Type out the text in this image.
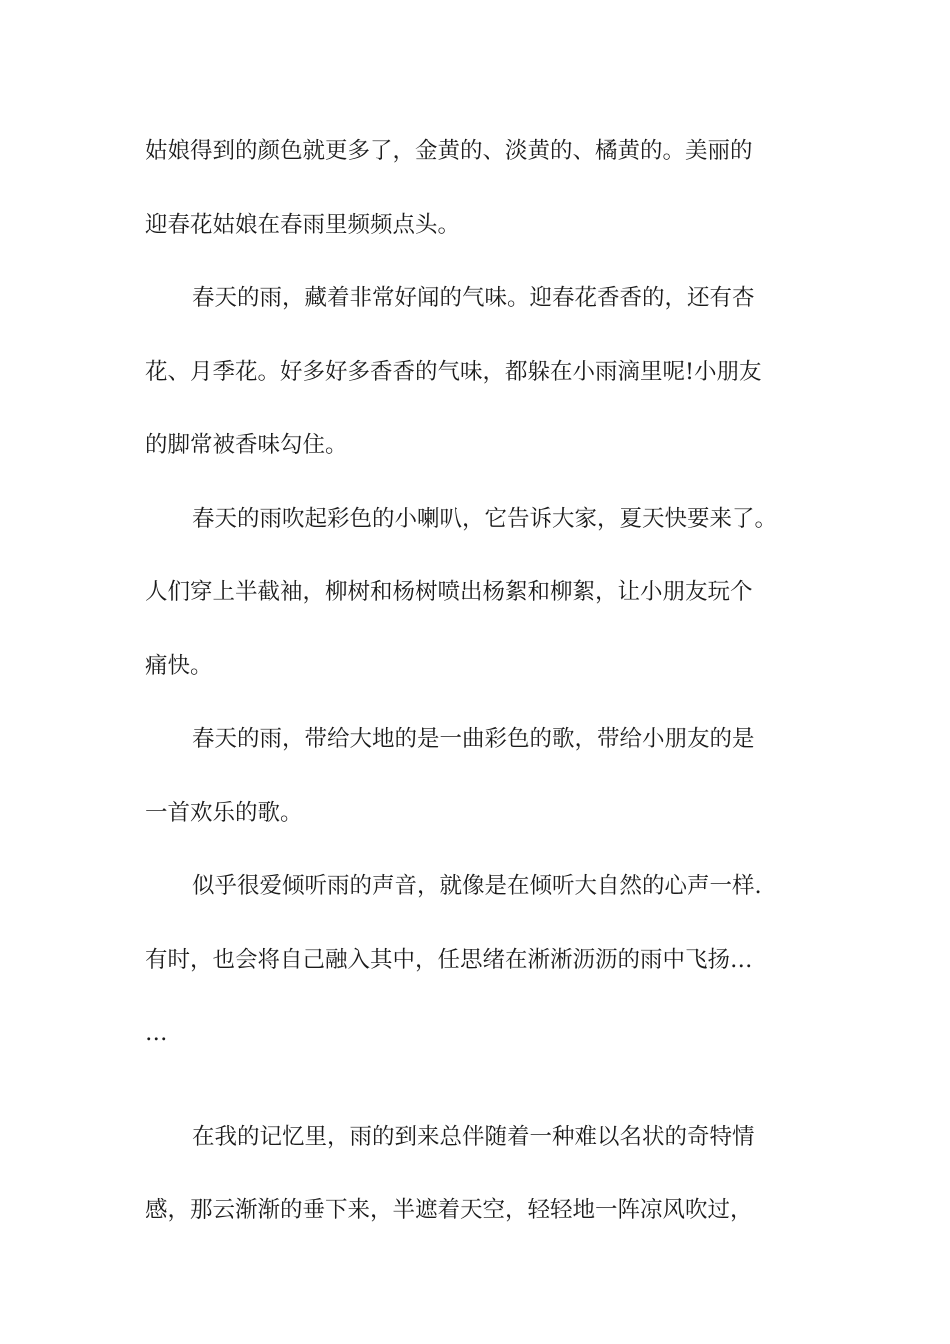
姑娘得到的颜色就更多了，金黄的、淡黄的、橘黄的。美丽的
迎春花姑娘在春雨里频频点头。
春天的雨，藏着非常好闻的气味。迎春花香香的，还有杏
花、月季花。好多好多香香的气味，都躲在小雨滴里呢!小朋友
的脚常被香味勾住。
春天的雨吹起彩色的小喇叭，它告诉大家，夏天快要来了。
人们穿上半截袖，柳树和杨树喷出杨絮和柳絮，让小朋友玩个
痛快。
春天的雨，带给大地的是一曲彩色的歌，带给小朋友的是
一首欢乐的歌。
似乎很爱倾听雨的声音，就像是在倾听大自然的心声一样.
有时，也会将自己融入其中，任思绪在淅淅沥沥的雨中飞扬…
…
在我的记忆里，雨的到来总伴随着一种难以名状的奇特情
感，那云渐渐的垂下来，半遮着天空，轻轻地一阵凉风吹过，
